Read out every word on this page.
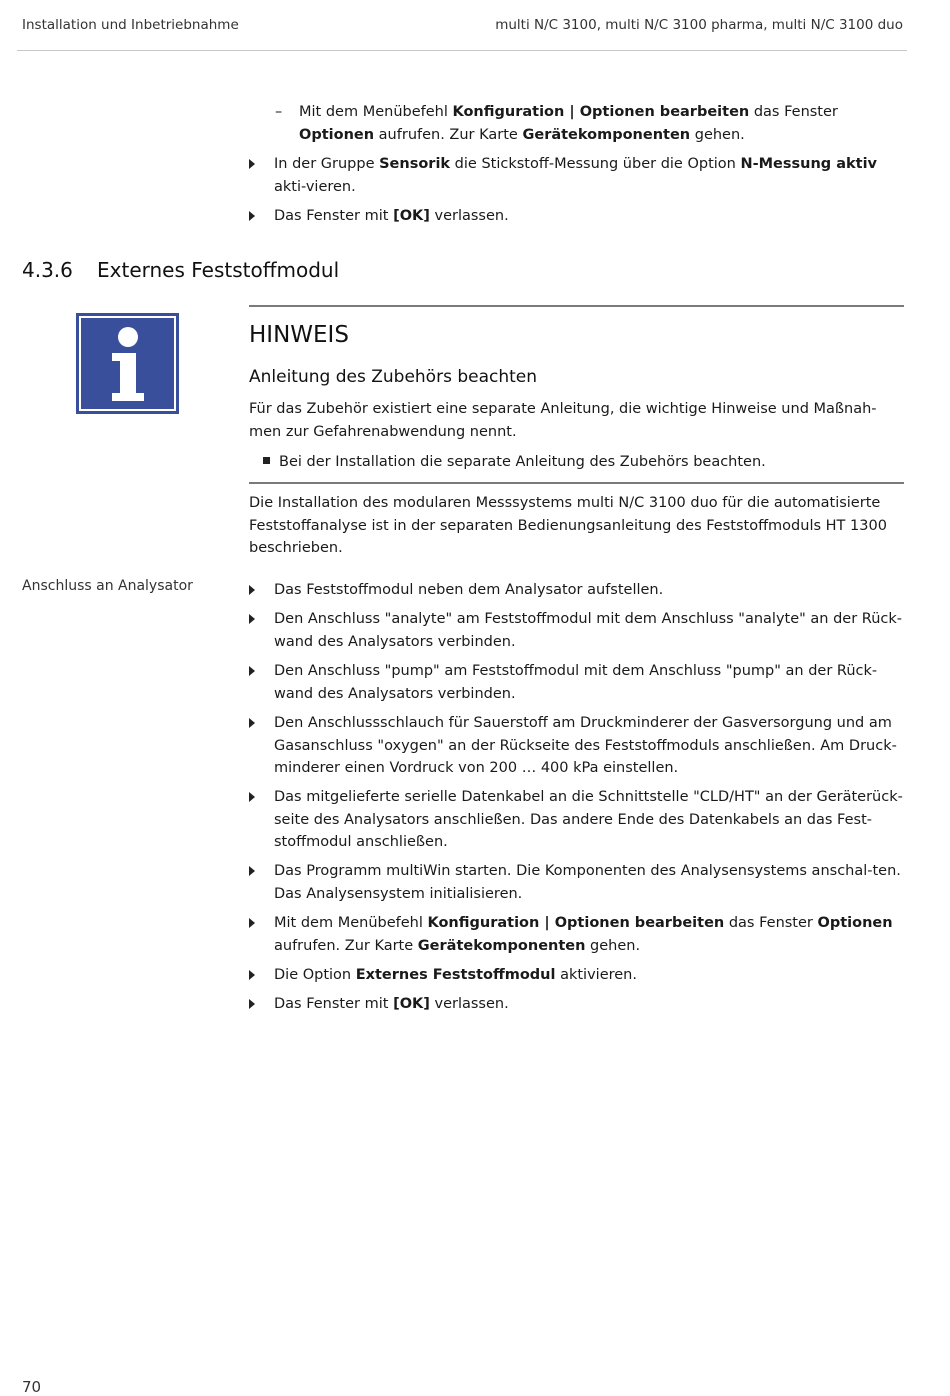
Installation und Inbetriebnahme	multi N/C 3100, multi N/C 3100 pharma, multi N/C 3100 duo
–	Mit dem Menübefehl Konfiguration | Optionen bearbeiten das Fenster Optionen aufrufen. Zur Karte Gerätekomponenten gehen.
In der Gruppe Sensorik die Stickstoff-Messung über die Option N-Messung aktiv akti-vieren.
Das Fenster mit [OK] verlassen.
4.3.6 Externes Feststoffmodul
HINWEIS
Anleitung des Zubehörs beachten
Für das Zubehör existiert eine separate Anleitung, die wichtige Hinweise und Maßnah-men zur Gefahrenabwendung nennt.
Bei der Installation die separate Anleitung des Zubehörs beachten.
Die Installation des modularen Messsystems multi N/C 3100 duo für die automatisierte Feststoffanalyse ist in der separaten Bedienungsanleitung des Feststoffmoduls HT 1300 beschrieben.
Anschluss an Analysator	Das Feststoffmodul neben dem Analysator aufstellen.
Den Anschluss "analyte" am Feststoffmodul mit dem Anschluss "analyte" an der Rück-wand des Analysators verbinden.
Den Anschluss "pump" am Feststoffmodul mit dem Anschluss "pump" an der Rück-wand des Analysators verbinden.
Den Anschlussschlauch für Sauerstoff am Druckminderer der Gasversorgung und am Gasanschluss "oxygen" an der Rückseite des Feststoffmoduls anschließen. Am Druck-minderer einen Vordruck von 200 … 400 kPa einstellen.
Das mitgelieferte serielle Datenkabel an die Schnittstelle "CLD/HT" an der Geräterück-seite des Analysators anschließen. Das andere Ende des Datenkabels an das Fest-stoffmodul anschließen.
Das Programm multiWin starten. Die Komponenten des Analysensystems anschal-ten. Das Analysensystem initialisieren.
Mit dem Menübefehl Konfiguration | Optionen bearbeiten das Fenster Optionen aufrufen. Zur Karte Gerätekomponenten gehen.
Die Option Externes Feststoffmodul aktivieren.
Das Fenster mit [OK] verlassen.
70
